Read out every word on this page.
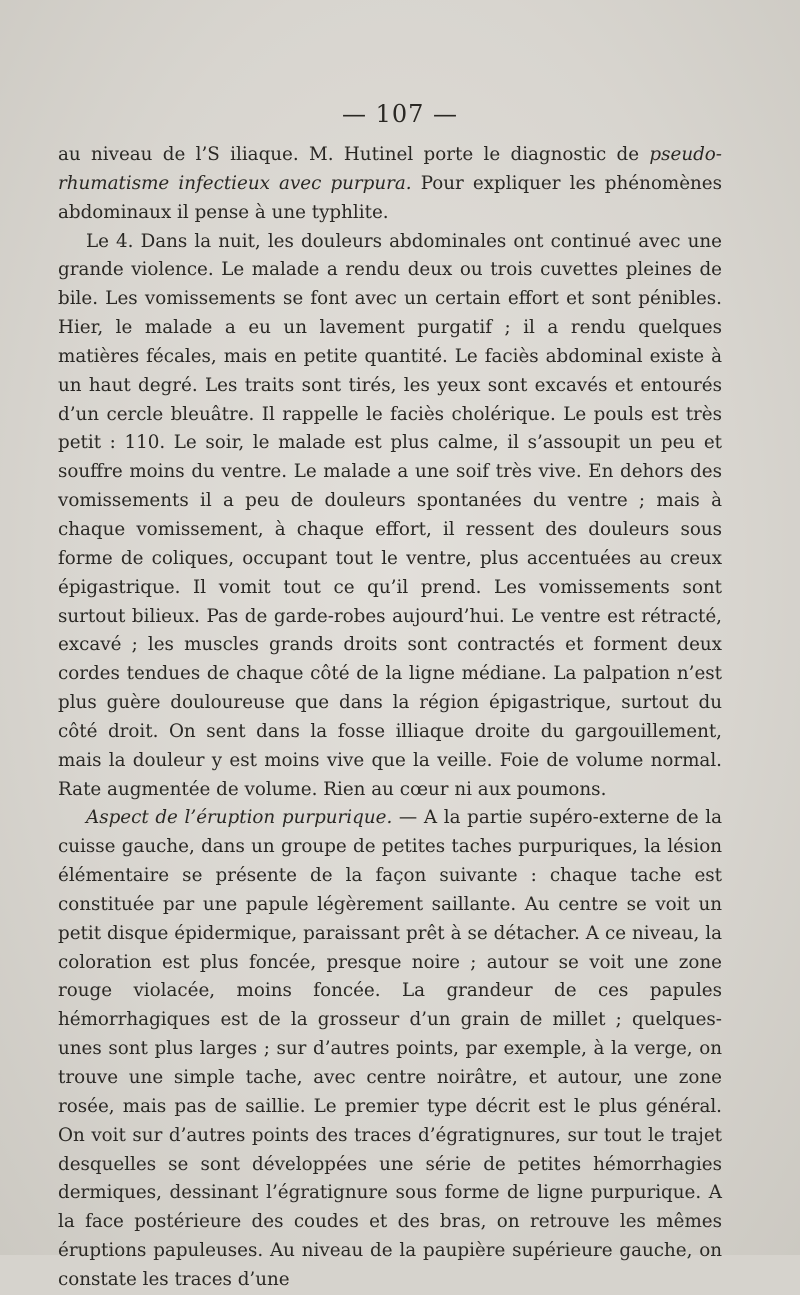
— 107 —

au niveau de l’S iliaque. M. Hutinel porte le diagnostic de pseudo-rhumatisme infectieux avec purpura. Pour expliquer les phénomènes abdominaux il pense à une typhlite.

Le 4. Dans la nuit, les douleurs abdominales ont continué avec une grande violence. Le malade a rendu deux ou trois cuvettes pleines de bile. Les vomissements se font avec un certain effort et sont pénibles. Hier, le malade a eu un lavement purgatif ; il a rendu quelques matières fécales, mais en petite quantité. Le faciès abdominal existe à un haut degré. Les traits sont tirés, les yeux sont excavés et entourés d’un cercle bleuâtre. Il rappelle le faciès cholérique. Le pouls est très petit : 110. Le soir, le malade est plus calme, il s’assoupit un peu et souffre moins du ventre. Le malade a une soif très vive. En dehors des vomissements il a peu de douleurs spontanées du ventre ; mais à chaque vomissement, à chaque effort, il ressent des douleurs sous forme de coliques, occupant tout le ventre, plus accentuées au creux épigastrique. Il vomit tout ce qu’il prend. Les vomissements sont surtout bilieux. Pas de garde-robes aujourd’hui. Le ventre est rétracté, excavé ; les muscles grands droits sont contractés et forment deux cordes tendues de chaque côté de la ligne médiane. La palpation n’est plus guère douloureuse que dans la région épigastrique, surtout du côté droit. On sent dans la fosse illiaque droite du gargouillement, mais la douleur y est moins vive que la veille. Foie de volume normal. Rate augmentée de volume. Rien au cœur ni aux poumons.

Aspect de l’éruption purpurique. — A la partie supéro-externe de la cuisse gauche, dans un groupe de petites taches purpuriques, la lésion élémentaire se présente de la façon suivante : chaque tache est constituée par une papule légèrement saillante. Au centre se voit un petit disque épidermique, paraissant prêt à se détacher. A ce niveau, la coloration est plus foncée, presque noire ; autour se voit une zone rouge violacée, moins foncée. La grandeur de ces papules hémorrhagiques est de la grosseur d’un grain de millet ; quelques-unes sont plus larges ; sur d’autres points, par exemple, à la verge, on trouve une simple tache, avec centre noirâtre, et autour, une zone rosée, mais pas de saillie. Le premier type décrit est le plus général. On voit sur d’autres points des traces d’égratignures, sur tout le trajet desquelles se sont développées une série de petites hémorrhagies dermiques, dessinant l’égratignure sous forme de ligne purpurique. A la face postérieure des coudes et des bras, on retrouve les mêmes éruptions papuleuses. Au niveau de la paupière supérieure gauche, on constate les traces d’une
